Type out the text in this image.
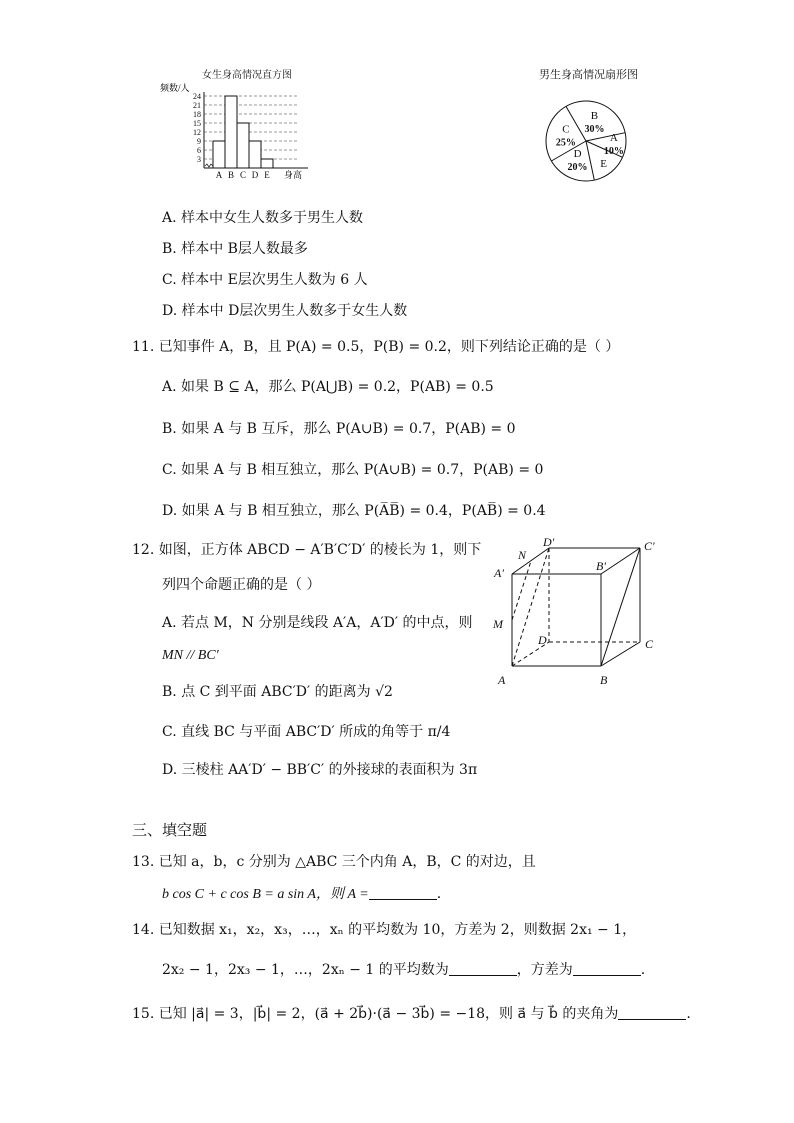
女生身高情况直方图
频数/人
3
6
9
12
15
18
21
24
A B C D E 身高
男生身高情况扇形图
B
30%
A
10%
E
D
20%
C
25%
A. 样本中女生人数多于男生人数
B. 样本中 B层人数最多
C. 样本中 E层次男生人数为 6 人
D. 样本中 D层次男生人数多于女生人数
11. 已知事件 A，B，且 P(A) = 0.5，P(B) = 0.2，则下列结论正确的是（ ）
A. 如果 B ⊆ A，那么 P(A⋃B) = 0.2，P(AB) = 0.5
B. 如果 A 与 B 互斥，那么 P(A∪B) = 0.7，P(AB) = 0
C. 如果 A 与 B 相互独立，那么 P(A∪B) = 0.7，P(AB) = 0
D. 如果 A 与 B 相互独立，那么 P(A̅B̅) = 0.4，P(AB̅) = 0.4
12. 如图，正方体 ABCD − A′B′C′D′ 的棱长为 1，则下
列四个命题正确的是（ ）
A. 若点 M，N 分别是线段 A′A，A′D′ 的中点，则
MN // BC′
B. 点 C 到平面 ABC′D′ 的距离为 √2
C. 直线 BC 与平面 ABC′D′ 所成的角等于 π/4
D. 三棱柱 AA′D′ − BB′C′ 的外接球的表面积为 3π
A	B
C
D
A′	B′
C′
D′
M
N
三、填空题
13. 已知 a，b，c 分别为 △ABC 三个内角 A，B，C 的对边，且
b cos C + c cos B = a sin A，则 A =	.
14. 已知数据 x₁，x₂，x₃，…，xₙ 的平均数为 10，方差为 2，则数据 2x₁ − 1，
2x₂ − 1，2x₃ − 1，…，2xₙ − 1 的平均数为	，方差为	.
15. 已知 |a⃗| = 3，|b⃗| = 2，(a⃗ + 2b⃗)·(a⃗ − 3b⃗) = −18，则 a⃗ 与 b⃗ 的夹角为	.
